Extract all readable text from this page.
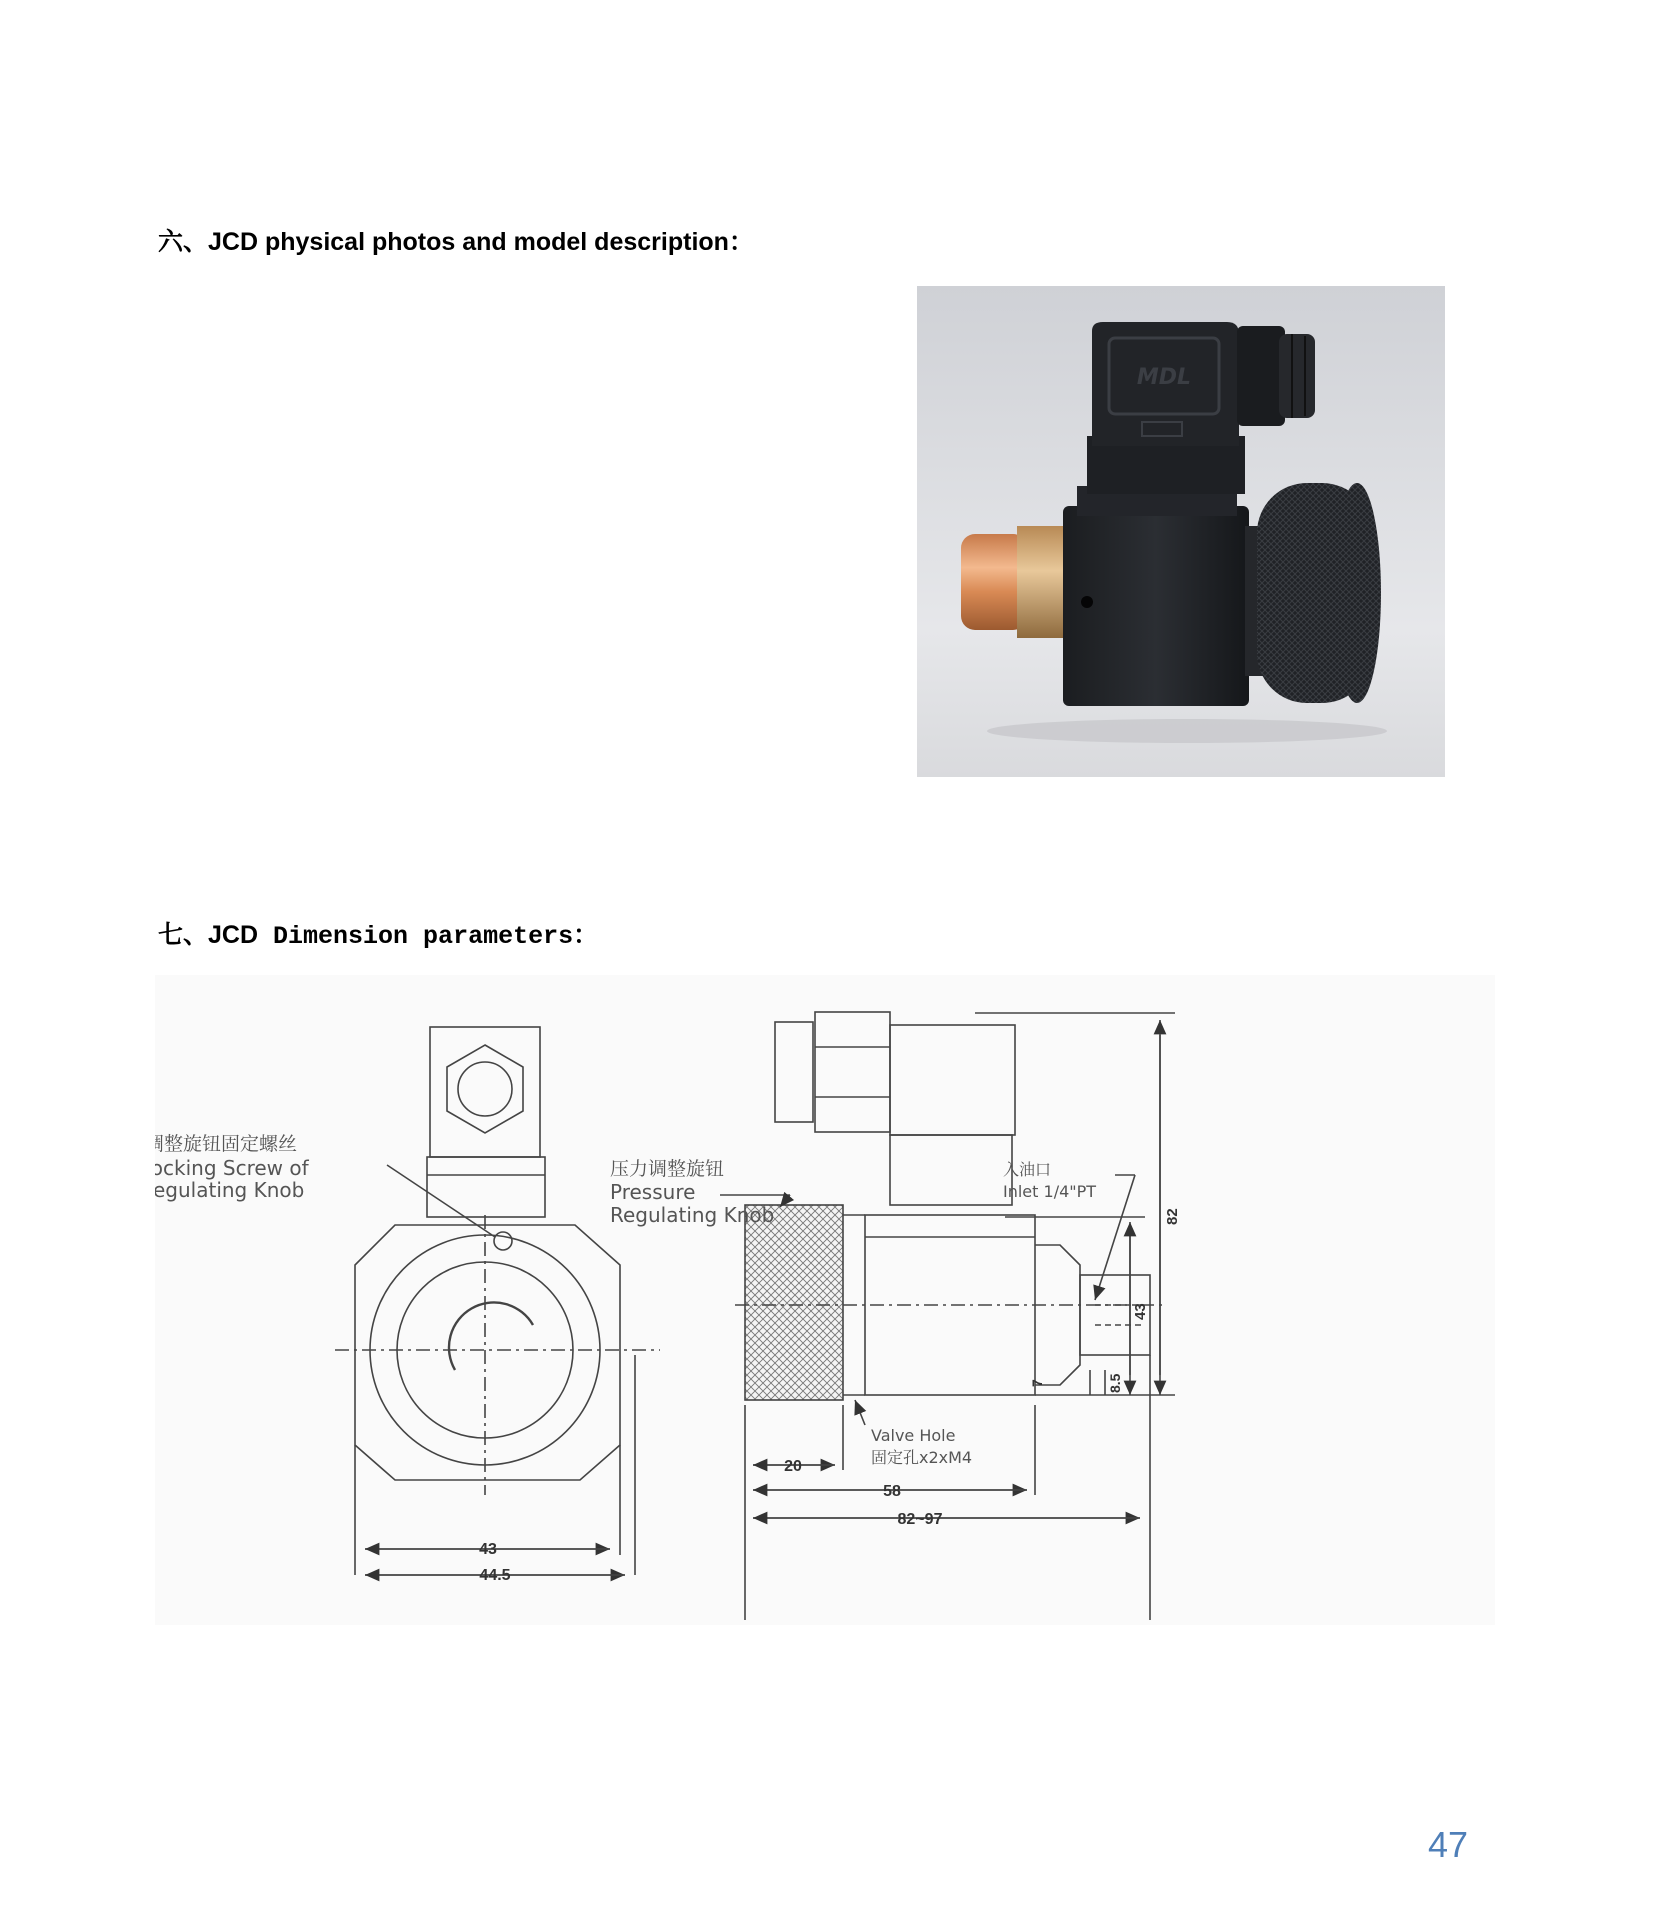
六、JCD physical photos and model description：
MDL
七、JCD Dimension parameters：
调整旋钮固定螺丝
Locking Screw of
Regulating Knob
43
44.5
压力调整旋钮
Pressure
Regulating Knob
入油口
Inlet 1/4"PT
Valve Hole
固定孔x2xM4
20
58
82~97
82
43
7	8.5
47
